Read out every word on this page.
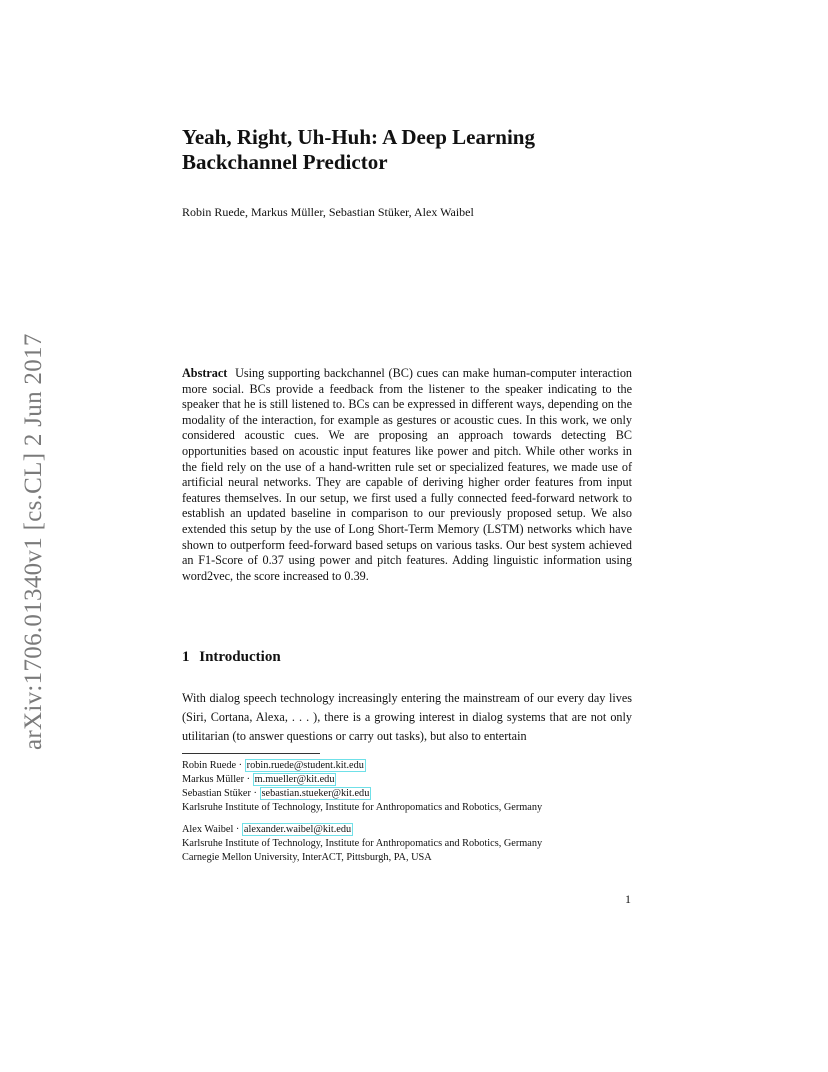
arXiv:1706.01340v1 [cs.CL] 2 Jun 2017
Yeah, Right, Uh-Huh: A Deep Learning Backchannel Predictor
Robin Ruede, Markus Müller, Sebastian Stüker, Alex Waibel
Abstract Using supporting backchannel (BC) cues can make human-computer interaction more social. BCs provide a feedback from the listener to the speaker indicating to the speaker that he is still listened to. BCs can be expressed in different ways, depending on the modality of the interaction, for example as gestures or acoustic cues. In this work, we only considered acoustic cues. We are proposing an approach towards detecting BC opportunities based on acoustic input features like power and pitch. While other works in the field rely on the use of a hand-written rule set or specialized features, we made use of artificial neural networks. They are capable of deriving higher order features from input features themselves. In our setup, we first used a fully connected feed-forward network to establish an updated baseline in comparison to our previously proposed setup. We also extended this setup by the use of Long Short-Term Memory (LSTM) networks which have shown to outperform feed-forward based setups on various tasks. Our best system achieved an F1-Score of 0.37 using power and pitch features. Adding linguistic information using word2vec, the score increased to 0.39.
1 Introduction
With dialog speech technology increasingly entering the mainstream of our every day lives (Siri, Cortana, Alexa, . . . ), there is a growing interest in dialog systems that are not only utilitarian (to answer questions or carry out tasks), but also to entertain
Robin Ruede · robin.ruede@student.kit.edu
Markus Müller · m.mueller@kit.edu
Sebastian Stüker · sebastian.stueker@kit.edu
Karlsruhe Institute of Technology, Institute for Anthropomatics and Robotics, Germany
Alex Waibel · alexander.waibel@kit.edu
Karlsruhe Institute of Technology, Institute for Anthropomatics and Robotics, Germany
Carnegie Mellon University, InterACT, Pittsburgh, PA, USA
1
